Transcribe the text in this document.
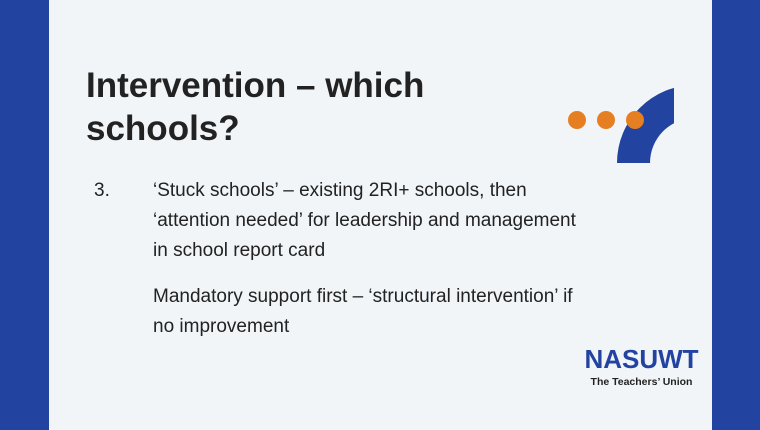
Intervention – which schools?
3. ‘Stuck schools’ – existing 2RI+ schools, then ‘attention needed’ for leadership and management in school report card
Mandatory support first – ‘structural intervention’ if no improvement
NASUWT
The Teachers’ Union
